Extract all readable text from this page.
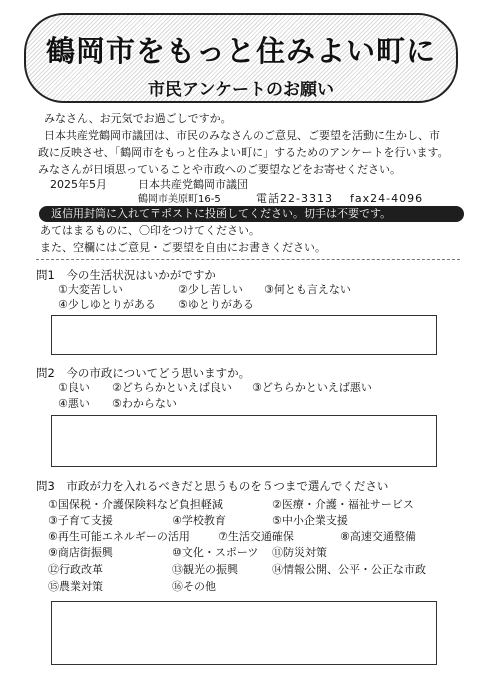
鶴岡市をもっと住みよい町に
市民アンケートのお願い
みなさん、お元気でお過ごしですか。
日本共産党鶴岡市議団は、市民のみなさんのご意見、ご要望を活動に生かし、市
政に反映させ、「鶴岡市をもっと住みよい町に」するためのアンケートを行います。
みなさんが日頃思っていることや市政へのご要望などをお寄せください。
2025年5月	日本共産党鶴岡市議団
鶴岡市美原町16-5	電話22-3313 fax24-4096
返信用封筒に入れて〒ポストに投函してください。切手は不要です。
あてはまるものに、〇印をつけてください。
また、空欄にはご意見・ご要望を自由にお書きください。
問1　今の生活状況はいかがですか
①大変苦しい	②少し苦しい ③何とも言えない
④少しゆとりがある ⑤ゆとりがある
問2　今の市政についてどう思いますか。
①良い ②どちらかといえば良い ③どちらかといえば悪い
④悪い ⑤わからない
問3　市政が力を入れるべきだと思うものを５つまで選んでください
①国保税・介護保険料など負担軽減	②医療・介護・福祉サービス
③子育て支援	④学校教育	⑤中小企業支援
⑥再生可能エネルギーの活用	⑦生活交通確保	⑧高速交通整備
⑨商店街振興	⑩文化・スポーツ ⑪防災対策
⑫行政改革	⑬観光の振興	⑭情報公開、公平・公正な市政
⑮農業対策	⑯その他
